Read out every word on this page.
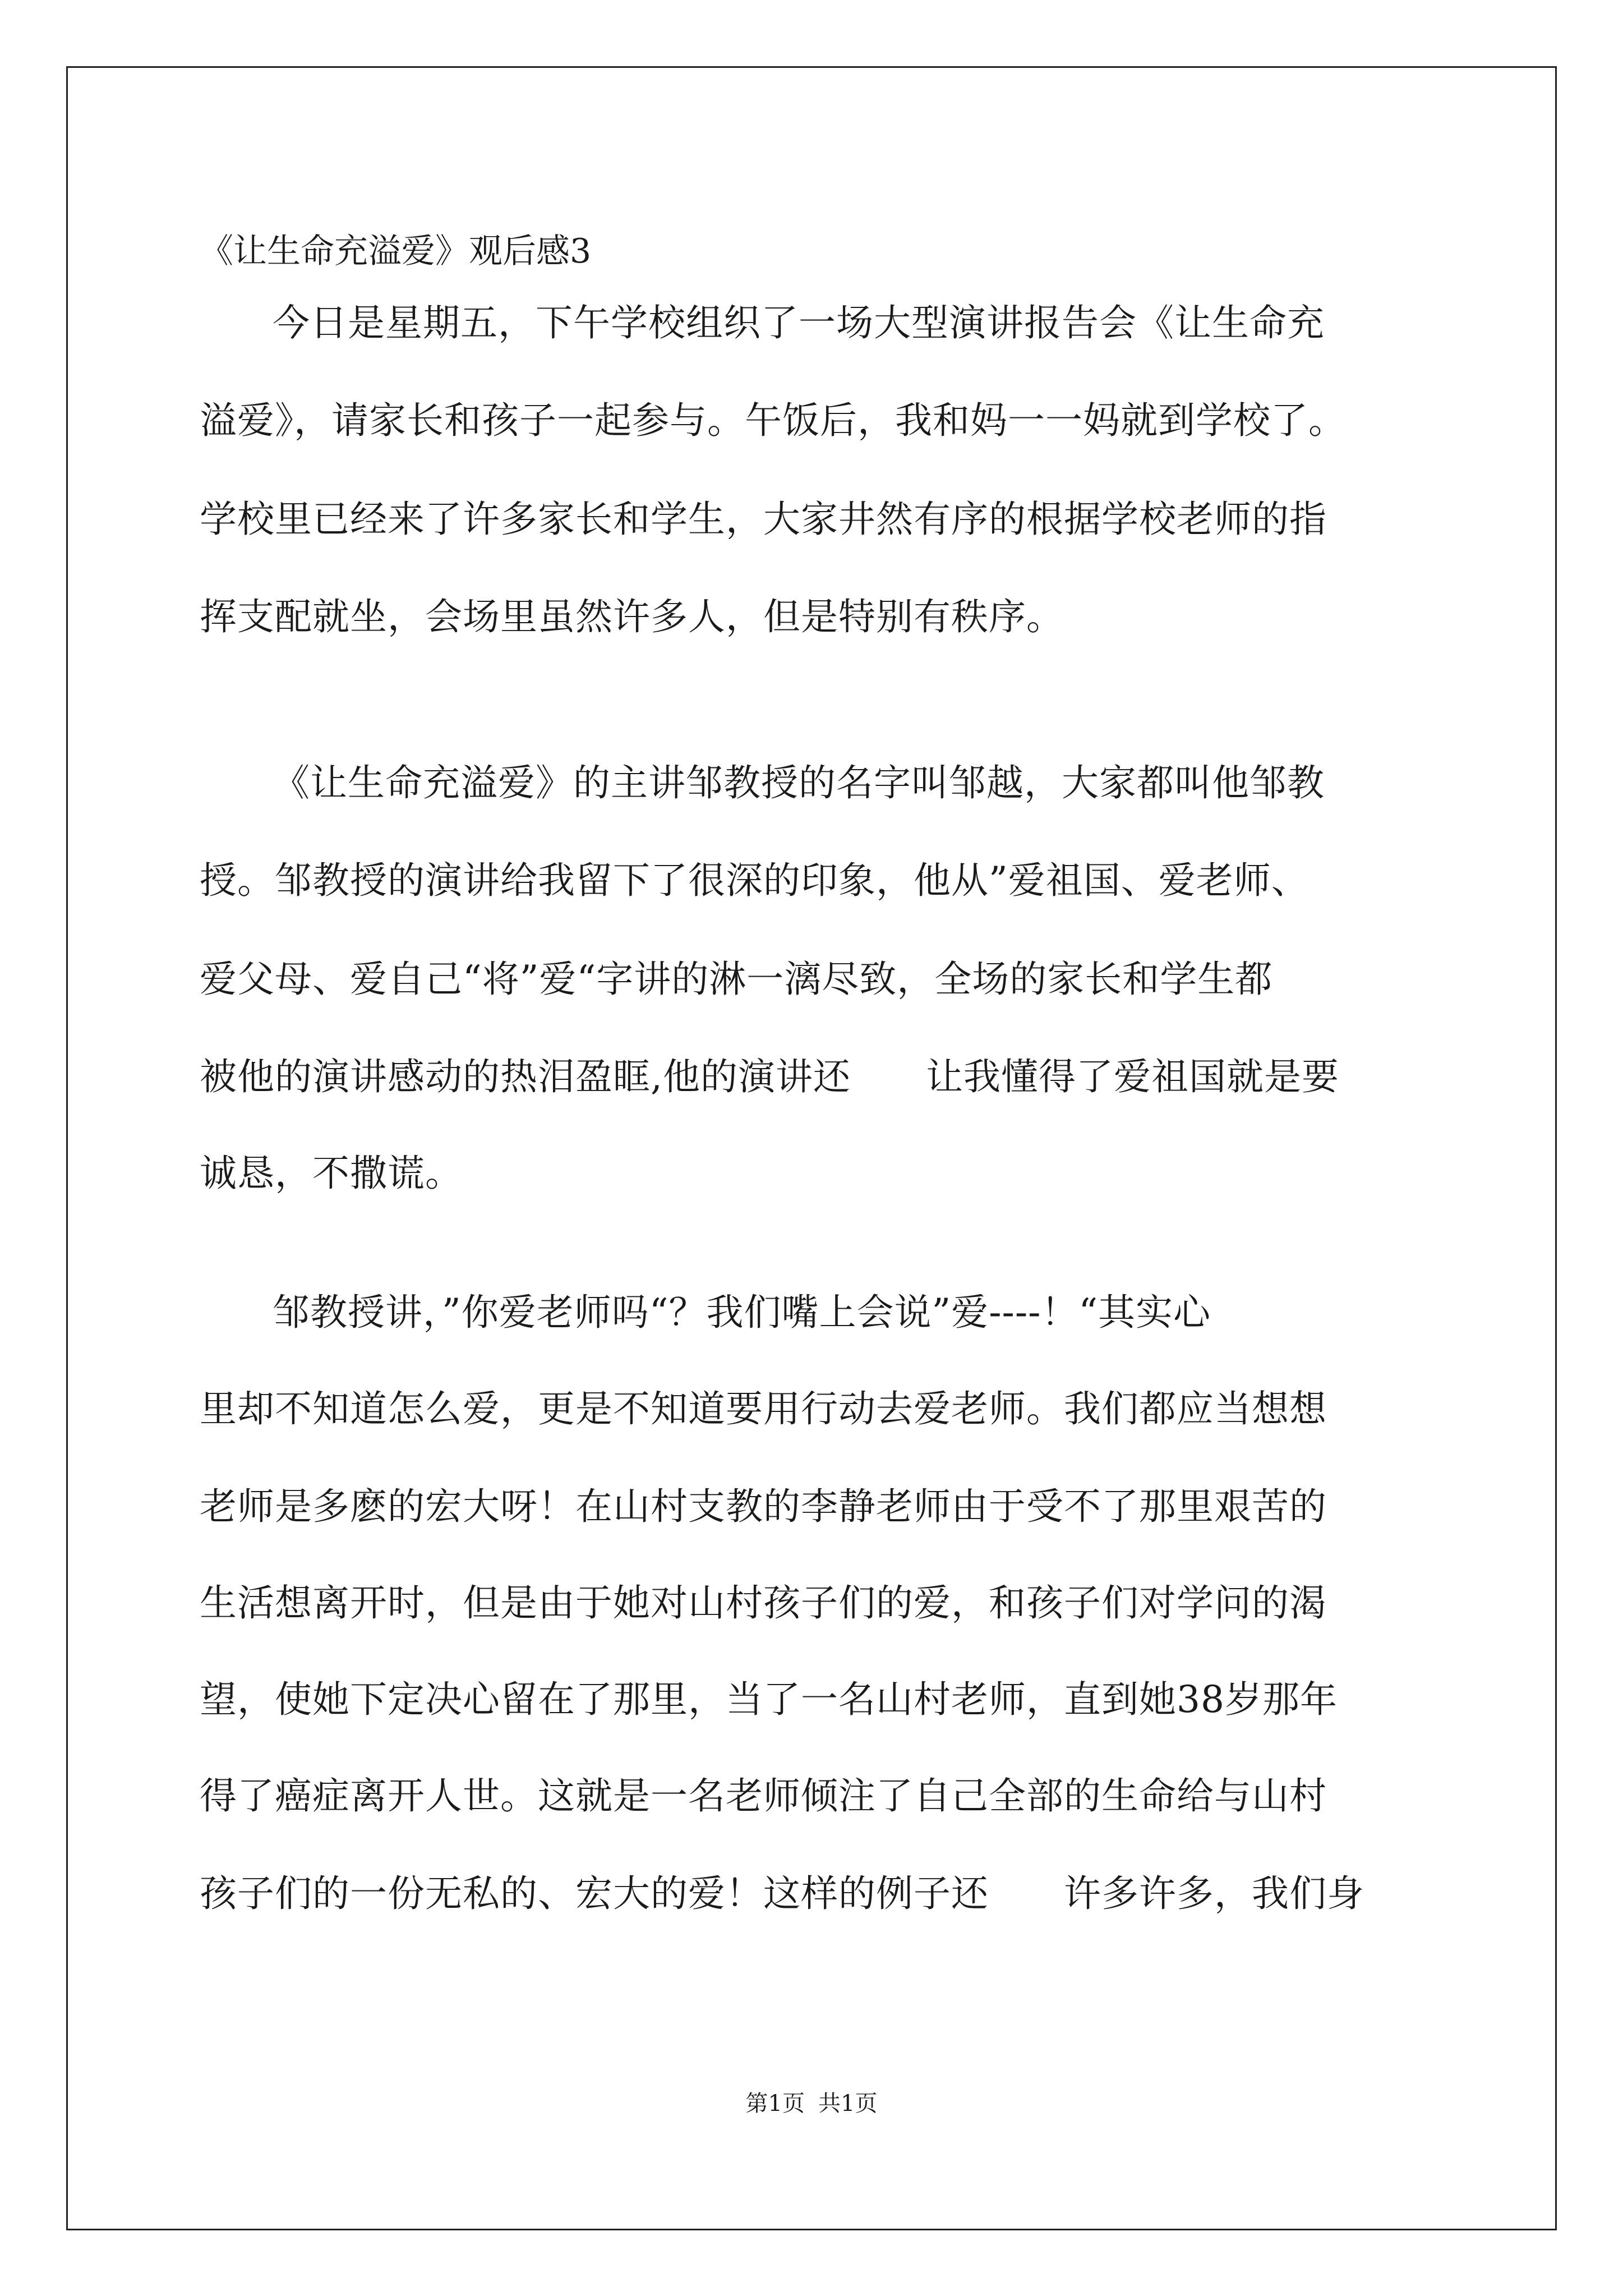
《让生命充溢爱》观后感3
今日是星期五，下午学校组织了一场大型演讲报告会《让生命充
溢爱》，请家长和孩子一起参与。午饭后，我和妈一一妈就到学校了。
学校里已经来了许多家长和学生，大家井然有序的根据学校老师的指
挥支配就坐，会场里虽然许多人，但是特别有秩序。
《让生命充溢爱》的主讲邹教授的名字叫邹越，大家都叫他邹教
授。邹教授的演讲给我留下了很深的印象，他从”爱祖国、爱老师、
爱父母、爱自己“将”爱“字讲的淋一漓尽致，全场的家长和学生都
被他的演讲感动的热泪盈眶,他的演讲还　　让我懂得了爱祖国就是要
诚恳，不撒谎。
邹教授讲，”你爱老师吗“？我们嘴上会说”爱----！“其实心
里却不知道怎么爱，更是不知道要用行动去爱老师。我们都应当想想
老师是多麽的宏大呀！在山村支教的李静老师由于受不了那里艰苦的
生活想离开时，但是由于她对山村孩子们的爱，和孩子们对学问的渴
望，使她下定决心留在了那里，当了一名山村老师，直到她38岁那年
得了癌症离开人世。这就是一名老师倾注了自己全部的生命给与山村
孩子们的一份无私的、宏大的爱！这样的例子还　　许多许多，我们身
第1页 共1页
